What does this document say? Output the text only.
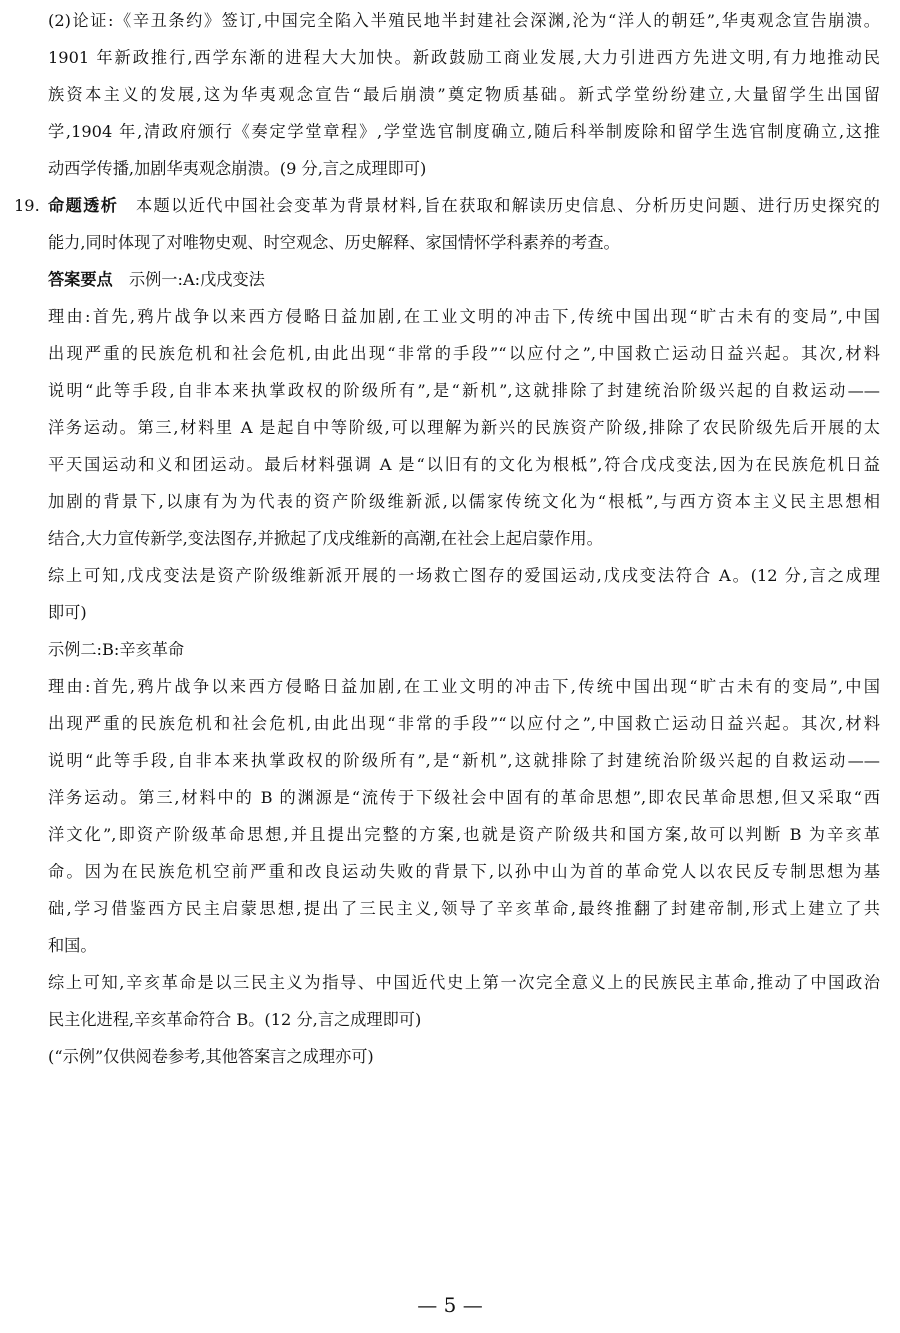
(2)论证:《辛丑条约》签订,中国完全陷入半殖民地半封建社会深渊,沦为“洋人的朝廷”,华夷观念宣告崩溃。
1901 年新政推行,西学东渐的进程大大加快。新政鼓励工商业发展,大力引进西方先进文明,有力地推动民
族资本主义的发展,这为华夷观念宣告“最后崩溃”奠定物质基础。新式学堂纷纷建立,大量留学生出国留
学,1904 年,清政府颁行《奏定学堂章程》,学堂选官制度确立,随后科举制废除和留学生选官制度确立,这推
动西学传播,加剧华夷观念崩溃。(9 分,言之成理即可)
19. 命题透析  本题以近代中国社会变革为背景材料,旨在获取和解读历史信息、分析历史问题、进行历史探究的
能力,同时体现了对唯物史观、时空观念、历史解释、家国情怀学科素养的考查。
答案要点  示例一:A:戊戌变法
理由:首先,鸦片战争以来西方侵略日益加剧,在工业文明的冲击下,传统中国出现“旷古未有的变局”,中国
出现严重的民族危机和社会危机,由此出现“非常的手段”“以应付之”,中国救亡运动日益兴起。其次,材料
说明“此等手段,自非本来执掌政权的阶级所有”,是“新机”,这就排除了封建统治阶级兴起的自救运动——
洋务运动。第三,材料里 A 是起自中等阶级,可以理解为新兴的民族资产阶级,排除了农民阶级先后开展的太
平天国运动和义和团运动。最后材料强调 A 是“以旧有的文化为根柢”,符合戊戌变法,因为在民族危机日益
加剧的背景下,以康有为为代表的资产阶级维新派,以儒家传统文化为“根柢”,与西方资本主义民主思想相
结合,大力宣传新学,变法图存,并掀起了戊戌维新的高潮,在社会上起启蒙作用。
综上可知,戊戌变法是资产阶级维新派开展的一场救亡图存的爱国运动,戊戌变法符合 A。(12 分,言之成理
即可)
示例二:B:辛亥革命
理由:首先,鸦片战争以来西方侵略日益加剧,在工业文明的冲击下,传统中国出现“旷古未有的变局”,中国
出现严重的民族危机和社会危机,由此出现“非常的手段”“以应付之”,中国救亡运动日益兴起。其次,材料
说明“此等手段,自非本来执掌政权的阶级所有”,是“新机”,这就排除了封建统治阶级兴起的自救运动——
洋务运动。第三,材料中的 B 的渊源是“流传于下级社会中固有的革命思想”,即农民革命思想,但又采取“西
洋文化”,即资产阶级革命思想,并且提出完整的方案,也就是资产阶级共和国方案,故可以判断 B 为辛亥革
命。因为在民族危机空前严重和改良运动失败的背景下,以孙中山为首的革命党人以农民反专制思想为基
础,学习借鉴西方民主启蒙思想,提出了三民主义,领导了辛亥革命,最终推翻了封建帝制,形式上建立了共
和国。
综上可知,辛亥革命是以三民主义为指导、中国近代史上第一次完全意义上的民族民主革命,推动了中国政治
民主化进程,辛亥革命符合 B。(12 分,言之成理即可)
(“示例”仅供阅卷参考,其他答案言之成理亦可)
— 5 —
